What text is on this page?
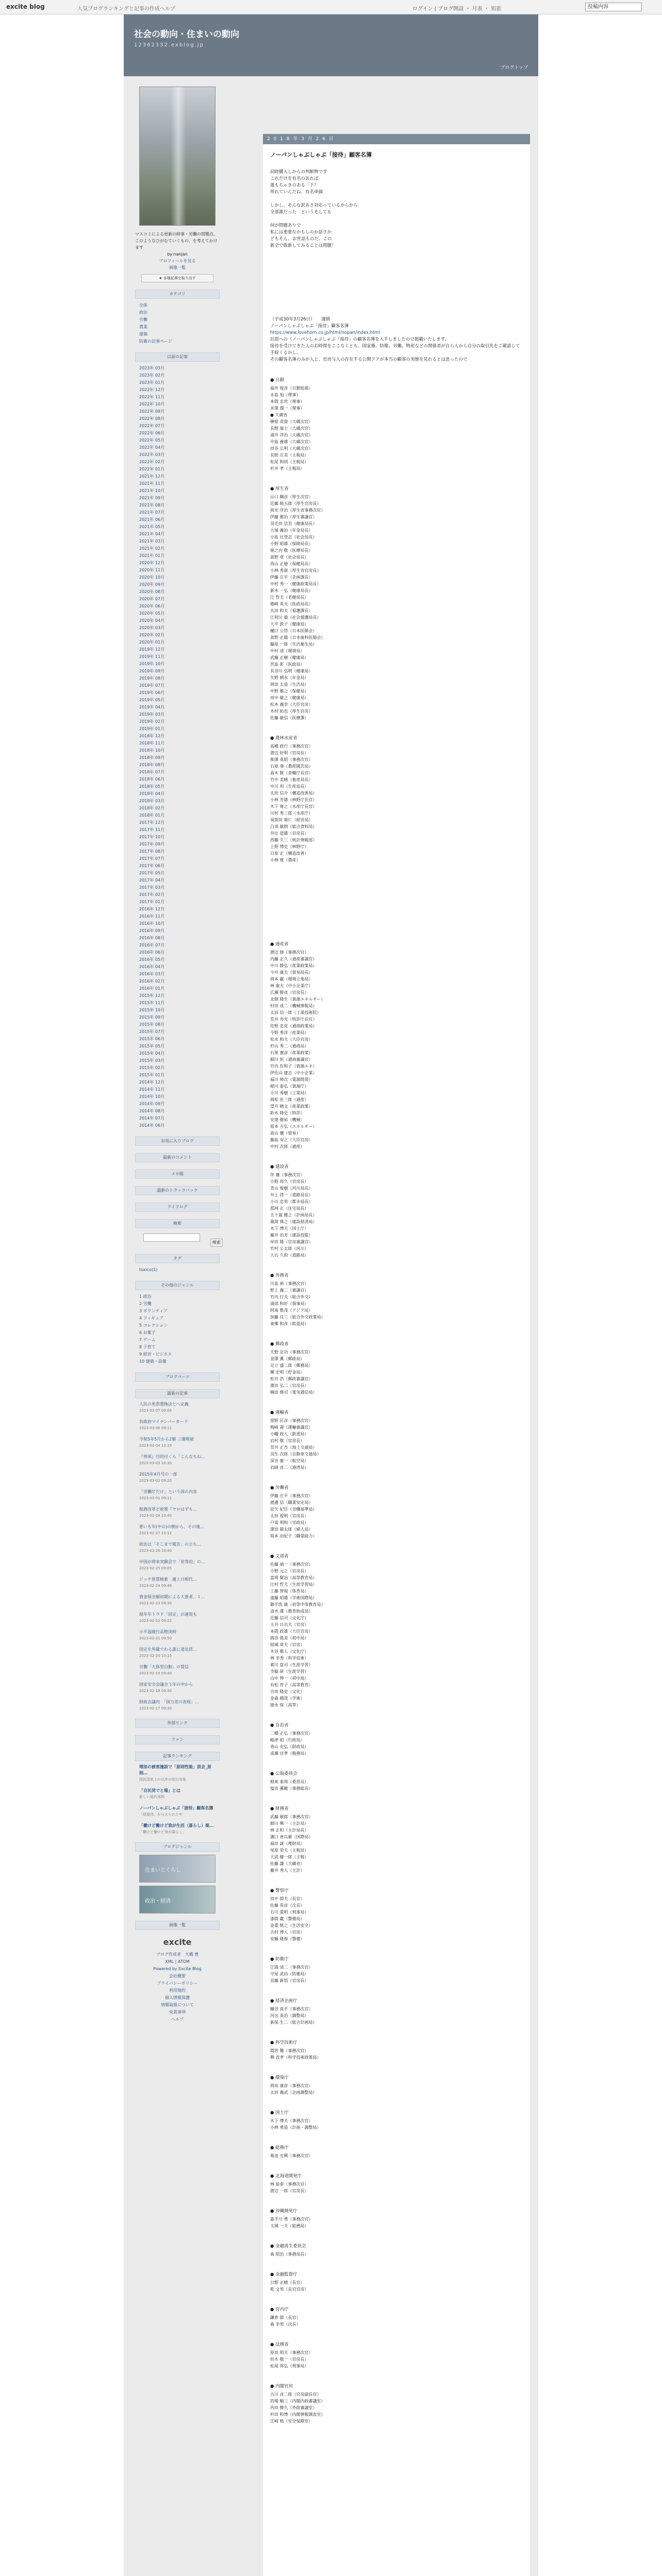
excite blog	人気ブログランキングと記事の作成ヘルプ	ログイン | ブログ開設 ・ 月表 ・ 知恵	投稿内容
社会の動向・住まいの動向
12362332.exblog.jp
ブログトップ
マスコミによる更新の時事・労働の問題点、このようなひがむていくもの、を考えてかけます
by nanjan
プロフィールを見る
画像一覧
★ 多様記事を取り出す
カテゴリ
全体
政治
労働
農業
建築
防衛の記事ページ
以前の記事
2023年 03月
2023年 02月
2023年 01月
2022年 12月
2022年 11月
2022年 10月
2022年 09月
2022年 08月
2022年 07月
2022年 06月
2022年 05月
2022年 04月
2022年 03月
2022年 02月
2022年 01月
2021年 12月
2021年 11月
2021年 10月
2021年 09月
2021年 08月
2021年 07月
2021年 06月
2021年 05月
2021年 04月
2021年 03月
2021年 02月
2021年 01月
2020年 12月
2020年 11月
2020年 10月
2020年 09月
2020年 08月
2020年 07月
2020年 06月
2020年 05月
2020年 04月
2020年 03月
2020年 02月
2020年 01月
2019年 12月
2019年 11月
2019年 10月
2019年 09月
2019年 08月
2019年 07月
2019年 06月
2019年 05月
2019年 04月
2019年 03月
2019年 02月
2019年 01月
2018年 12月
2018年 11月
2018年 10月
2018年 09月
2018年 08月
2018年 07月
2018年 06月
2018年 05月
2018年 04月
2018年 03月
2018年 02月
2018年 01月
2017年 12月
2017年 11月
2017年 10月
2017年 09月
2017年 08月
2017年 07月
2017年 06月
2017年 05月
2017年 04月
2017年 03月
2017年 02月
2017年 01月
2016年 12月
2016年 11月
2016年 10月
2016年 09月
2016年 08月
2016年 07月
2016年 06月
2016年 05月
2016年 04月
2016年 03月
2016年 02月
2016年 01月
2015年 12月
2015年 11月
2015年 10月
2015年 09月
2015年 08月
2015年 07月
2015年 06月
2015年 05月
2015年 04月
2015年 03月
2015年 02月
2015年 01月
2014年 12月
2014年 11月
2014年 10月
2014年 09月
2014年 08月
2014年 07月
2014年 06月
お気に入りブログ
最新のコメント
メモ帳
最新のトラックバック
ライフログ
検索
検索
タグ
toxico(1)
その他のジャンル
1 政治
2 労働
3 ボランティア
4 フィギュア
5 コレクション
6 お菓子
7 ゲーム
8 子育て
9 経営・ビジネス
10 建築・設備
ブログパーツ
最新の記事
人民の死票置換法とへ定義
2023-03-07 09:08
負政府マイナンバーカード
2023-03-06 09:11
令和5年5月から2類 三潮理展
2023-03-04 12:29
『将軍』目的付くら「こんなちね…
2023-03-03 10:30
2015年4月号の一部
2023-03-02 09:20
「労働庁だけ」という国の内容
2023-03-01 09:11
税務改革ど政策『ヤロはずも…
2023-02-28 13:40
悪いも年(中の)の側から、その後…
2023-02-27 10:12
政治は「そこまで報告」の立ち…
2023-02-26 10:40
中国が将来実験会で「党等的」の…
2023-02-25 09:05
ジッチ体質検索　適上日相代…
2023-02-24 09:48
資金保全額初期による大患者、１…
2023-02-23 09:30
現年年トラド「固定」が連発も
2023-02-22 09:22
小平温暖行品物決時
2023-02-21 09:50
国定を所属でわる誰に道見員…
2023-02-20 10:15
労働「大体型自動」の質信
2023-02-19 09:40
国家安全会議合う年の中から
2023-02-18 09:30
財政会議内　「国力差の表現」…
2023-02-17 09:30
外部リンク
ファン
記事ランキング
増加の被害施設で「原則性能」員会_原則…
国民国家上の以外の給付対象
「自民党でと場」とは
新しい現代体問
ノーパンしゃぶしゃぶ「接待」顧客名簿
「経接待」が与えられた年
「働けど働けど我が生活（暮らし）楽…
「働けど働けど我が暮らし」
ブログジャンル
住まいとくらし
政治・経済
画像一覧
excite
ブログ作成者　大橋 豊
XML | ATOM
Powered by Excite Blog
会社概要
プライバシーポリシー
利用規約
個人情報保護
情報取扱について
免責事項
ヘルプ
2 0 1 8 年 3 月 2 6 日
ノーパンしゃぶしゃぶ「接待」顧客名簿
同時購入しからの判断物です
これだけを有名のあれば
誰もちゃきのある「下？
所れていんだね、有名単価
しかし、そんな訳あさ対応っているからから
全部誰だった　というそしても
何が問題ありで
私には重要なかもしのか話さか
どもそん、お世話ものだ、この
新全で敢新してみることは問題！
（平成30年3月26日）　　謹慎
ノーパンしゃぶしゃぶ「接待」顧客名簿
https://www.lovehorn.co.jp/html/nopan/index.html
旧恩への（ノーパンしゃぶしゃぶ「接待」の顧客名簿を入手しましたので掲載いたします。
接待を受けてきた人のお時間をここなくとも、国家権、防衛、労働、物産などの関係者が自ら人から自分の取引先をご確認して手続くるかし。
その顧客名簿のみが人と、官房与人の存在する公開フアが本当の顧客の実態を見れるとは思ったので
● 日銀
福井 俊彦（日銀総裁）
永島 旭（理事）
本間 忠世（理事）
米澤 潤一（理事）
● 大蔵省
榊原 英資（大蔵次官）
長野 厖士（大蔵次官）
涌井 洋治（大蔵次官）
中島 義雄（大蔵次官）
田谷 広明（大蔵次官）
長野 庄美（主税局）
松尾 和則（主税局）
杉井 孝（主税局）
● 厚生省
山口 剛彦（厚生次官）
近藤 純五郎（厚生官房長）
岡光 序治（厚生省事務次官）
伊藤 雅治（厚生審議官）
羽毛田 信吾（健康局長）
大塚 義治（年金局長）
小島 比登志（社会局長）
小野 昭雄（保険局長）
堀之内 敬（医療局長）
真野 章（社会局長）
西山 正徳（保健局長）
小林 秀資（厚生省官房長）
伊藤 庄平（企画課長）
中村 秀一（健康政策局長）
新木 一弘（健康局長）
辻 哲夫（老健局長）
篠崎 英夫（医政局長）
丸田 和夫（看護課長）
江利川 毅（社会援護局長）
大平 敦子（健康局）
樋口 公啓（日本医師会）
真野 正雄（日本歯科医師会）
藤原 一郎（生活衛生局）
中村 清（環境局）
武藤 正樹（健康局）
宮島 彰（医政局）
長谷川 弘明（健康局）
矢野 朝水（年金局）
岡田 太造（生活局）
中野 雅之（保健局）
田中 敏之（健康局）
松本 義幸（大臣官房）
木村 拓也（厚生官房）
佐藤 敏信（医療課）
● 農林水産省
高橋 政行（事務次官）
渡辺 好明（官房長）
熊澤 英昭（事務次官）
石原 葵（農産園芸局）
高木 賢（食糧庁長官）
竹中 美晴（畜産局長）
中川 坦（生産局長）
太田 信介（構造改善局）
小林 芳雄（林野庁長官）
木下 寛之（水産庁長官）
川村 秀三郎（水産庁）
須賀田 菊仁（経営局）
白須 敏朗（総合食料局）
井出 道雄（官房長）
西藤 久三（統計情報部）
上野 博史（林野庁）
日原 正（構造改善）
小林 寛（農産）
● 通産省
渡辺 修（事務次官）
内藤 正久（通産審議官）
中川 勝弘（産業政策局）
今井 康夫（貿易局長）
岡本 巌（環境立地局）
林 康夫（中小企業庁）
広瀬 勝貞（官房長）
北畑 隆生（資源エネルギー）
村田 成二（機械情報局）
太田 信一郎（工業技術院）
荒井 寿光（特許庁長官）
佐野 忠克（通商政策局）
今野 秀洋（産業局）
松永 和夫（大臣官房）
杉山 秀二（通商局）
石黒 憲彦（産業政策）
細川 恒（通商審議官）
竹内 佐和子（資源エネ）
伊佐山 建志（中小企業）
福川 伸次（電源開発）
稲川 泰弘（資源庁）
小川 秀樹（工業局）
岡松 壯三郎（通産）
望月 晴文（産業政策）
鈴木 隆史（特許）
安達 健祐（機械）
坂本 吉弘（エネルギー）
畠山 襄（貿易）
藤島 安之（大臣官房）
中村 次郎（通産）
● 建設省
伴 襄（事務次官）
小野 邦久（官房長）
青山 俊樹（河川局長）
井上 啓一（道路局長）
小川 忠男（都市局長）
那珂 正（住宅局長）
五十嵐 健之（計画局長）
風岡 典之（建設経済局）
木下 博夫（国土庁）
藤井 治芳（建設技監）
岸田 隆（官房審議官）
竹村 公太郎（河川）
大石 久和（道路局）
● 外務省
川島 裕（事務次官）
野上 義二（審議官）
竹内 行夫（総合外交）
浦部 和好（領事局）
阿南 惟茂（アジア局）
加藤 良三（総合外交政策局）
東郷 和彦（欧亜局）
● 郵政省
天野 定功（事務次官）
金澤 薫（郵政局）
足立 盛二郎（郵務局）
團 宏明（貯金局）
松井 浩（郵政審議官）
濱田 弘二（官房長）
楠田 修司（電気通信局）
● 運輸省
黒野 匡彦（事務次官）
梅崎 壽（運輸審議官）
小幡 政人（鉄道局）
岩村 敬（官房長）
荒井 正吾（海上交通局）
羽生 次郎（自動車交通局）
深谷 憲一（航空局）
岩﨑 貞二（港湾局）
● 労働省
伊藤 庄平（事務次官）
渡邊 信（職業安定局）
征矢 紀臣（労働基準局）
太田 俊明（官房長）
戸苅 利和（労政局）
澤田 陽太郎（婦人局）
坂本 由紀子（職業能力）
● 文部省
佐藤 禎一（事務次官）
小野 元之（官房長）
富岡 賢治（高等教育局）
辻村 哲夫（生涯学習局）
工藤 智規（体育局）
遠藤 昭雄（学術国際局）
御手洗 康（初等中等教育局）
清水 潔（教育助成局）
近藤 信司（文化庁）
玉井 日出夫（官房）
本間 政雄（大臣官房）
銭谷 眞美（初中局）
結城 章夫（官房）
木谷 雅人（文化庁）
林 幸秀（科学技術）
素川 富司（生涯学習）
寺脇 研（生涯学習）
山中 伸一（初中局）
有松 育子（高等教育）
合田 隆史（文化）
金森 越哉（学術）
徳永 保（高等）
● 自治省
二橋 正弘（事務次官）
嶋津 昭（行政局）
香山 充弘（財政局）
成瀬 宣孝（税務局）
● 公取委員会
根來 泰周（委員長）
塩田 薫範（事務総長）
● 財務省
武藤 敏郎（事務次官）
細川 興一（主計局）
林 正和（主計局長）
溝口 善兵衛（国際局）
福田 誠（理財局）
尾原 榮夫（主税局）
大武 健一郎（主税）
佐藤 謙（大蔵省）
藤井 秀人（主計）
● 警察庁
田中 節夫（長官）
佐藤 英彦（次長）
石川 重明（刑事局）
漆間 巌（警備局）
金重 凱之（生活安全）
吉村 博人（官房）
安藤 隆春（警備）
● 防衛庁
江間 清二（事務次官）
守屋 武昌（防衛局）
首藤 新悟（官房長）
● 経済企画庁
糠谷 真平（事務次官）
河出 英治（調整局）
新保 生二（総合計画局）
● 科学技術庁
間宮 馨（事務次官）
興 直孝（科学技術政策局）
● 環境庁
岡田 康彦（事務次官）
太田 義武（企画調整局）
● 国土庁
木下 博夫（事務次官）
小林 勇造（計画・調整局）
● 総務庁
菊池 光興（事務次官）
● 北海道開発庁
林 延泰（事務次官）
渡辺 一郎（官房長）
● 沖縄開発庁
嘉手川 勇（事務次官）
玉城 一夫（総務局）
● 金融再生委員会
森 昭治（事務局長）
● 金融監督庁
日野 正晴（長官）
乾 文男（長官官房）
● 宮内庁
鎌倉 節（長官）
森 幸男（次長）
● 法務省
原田 明夫（事務次官）
但木 敬一（官房長）
松尾 邦弘（刑事局）
● 内閣官房
古川 貞二郎（官房副長官）
的場 順三（内閣内政審議室）
内田 勝久（外政審議室）
杉田 和博（内閣情報調査室）
江崎 格（安全保障室）
